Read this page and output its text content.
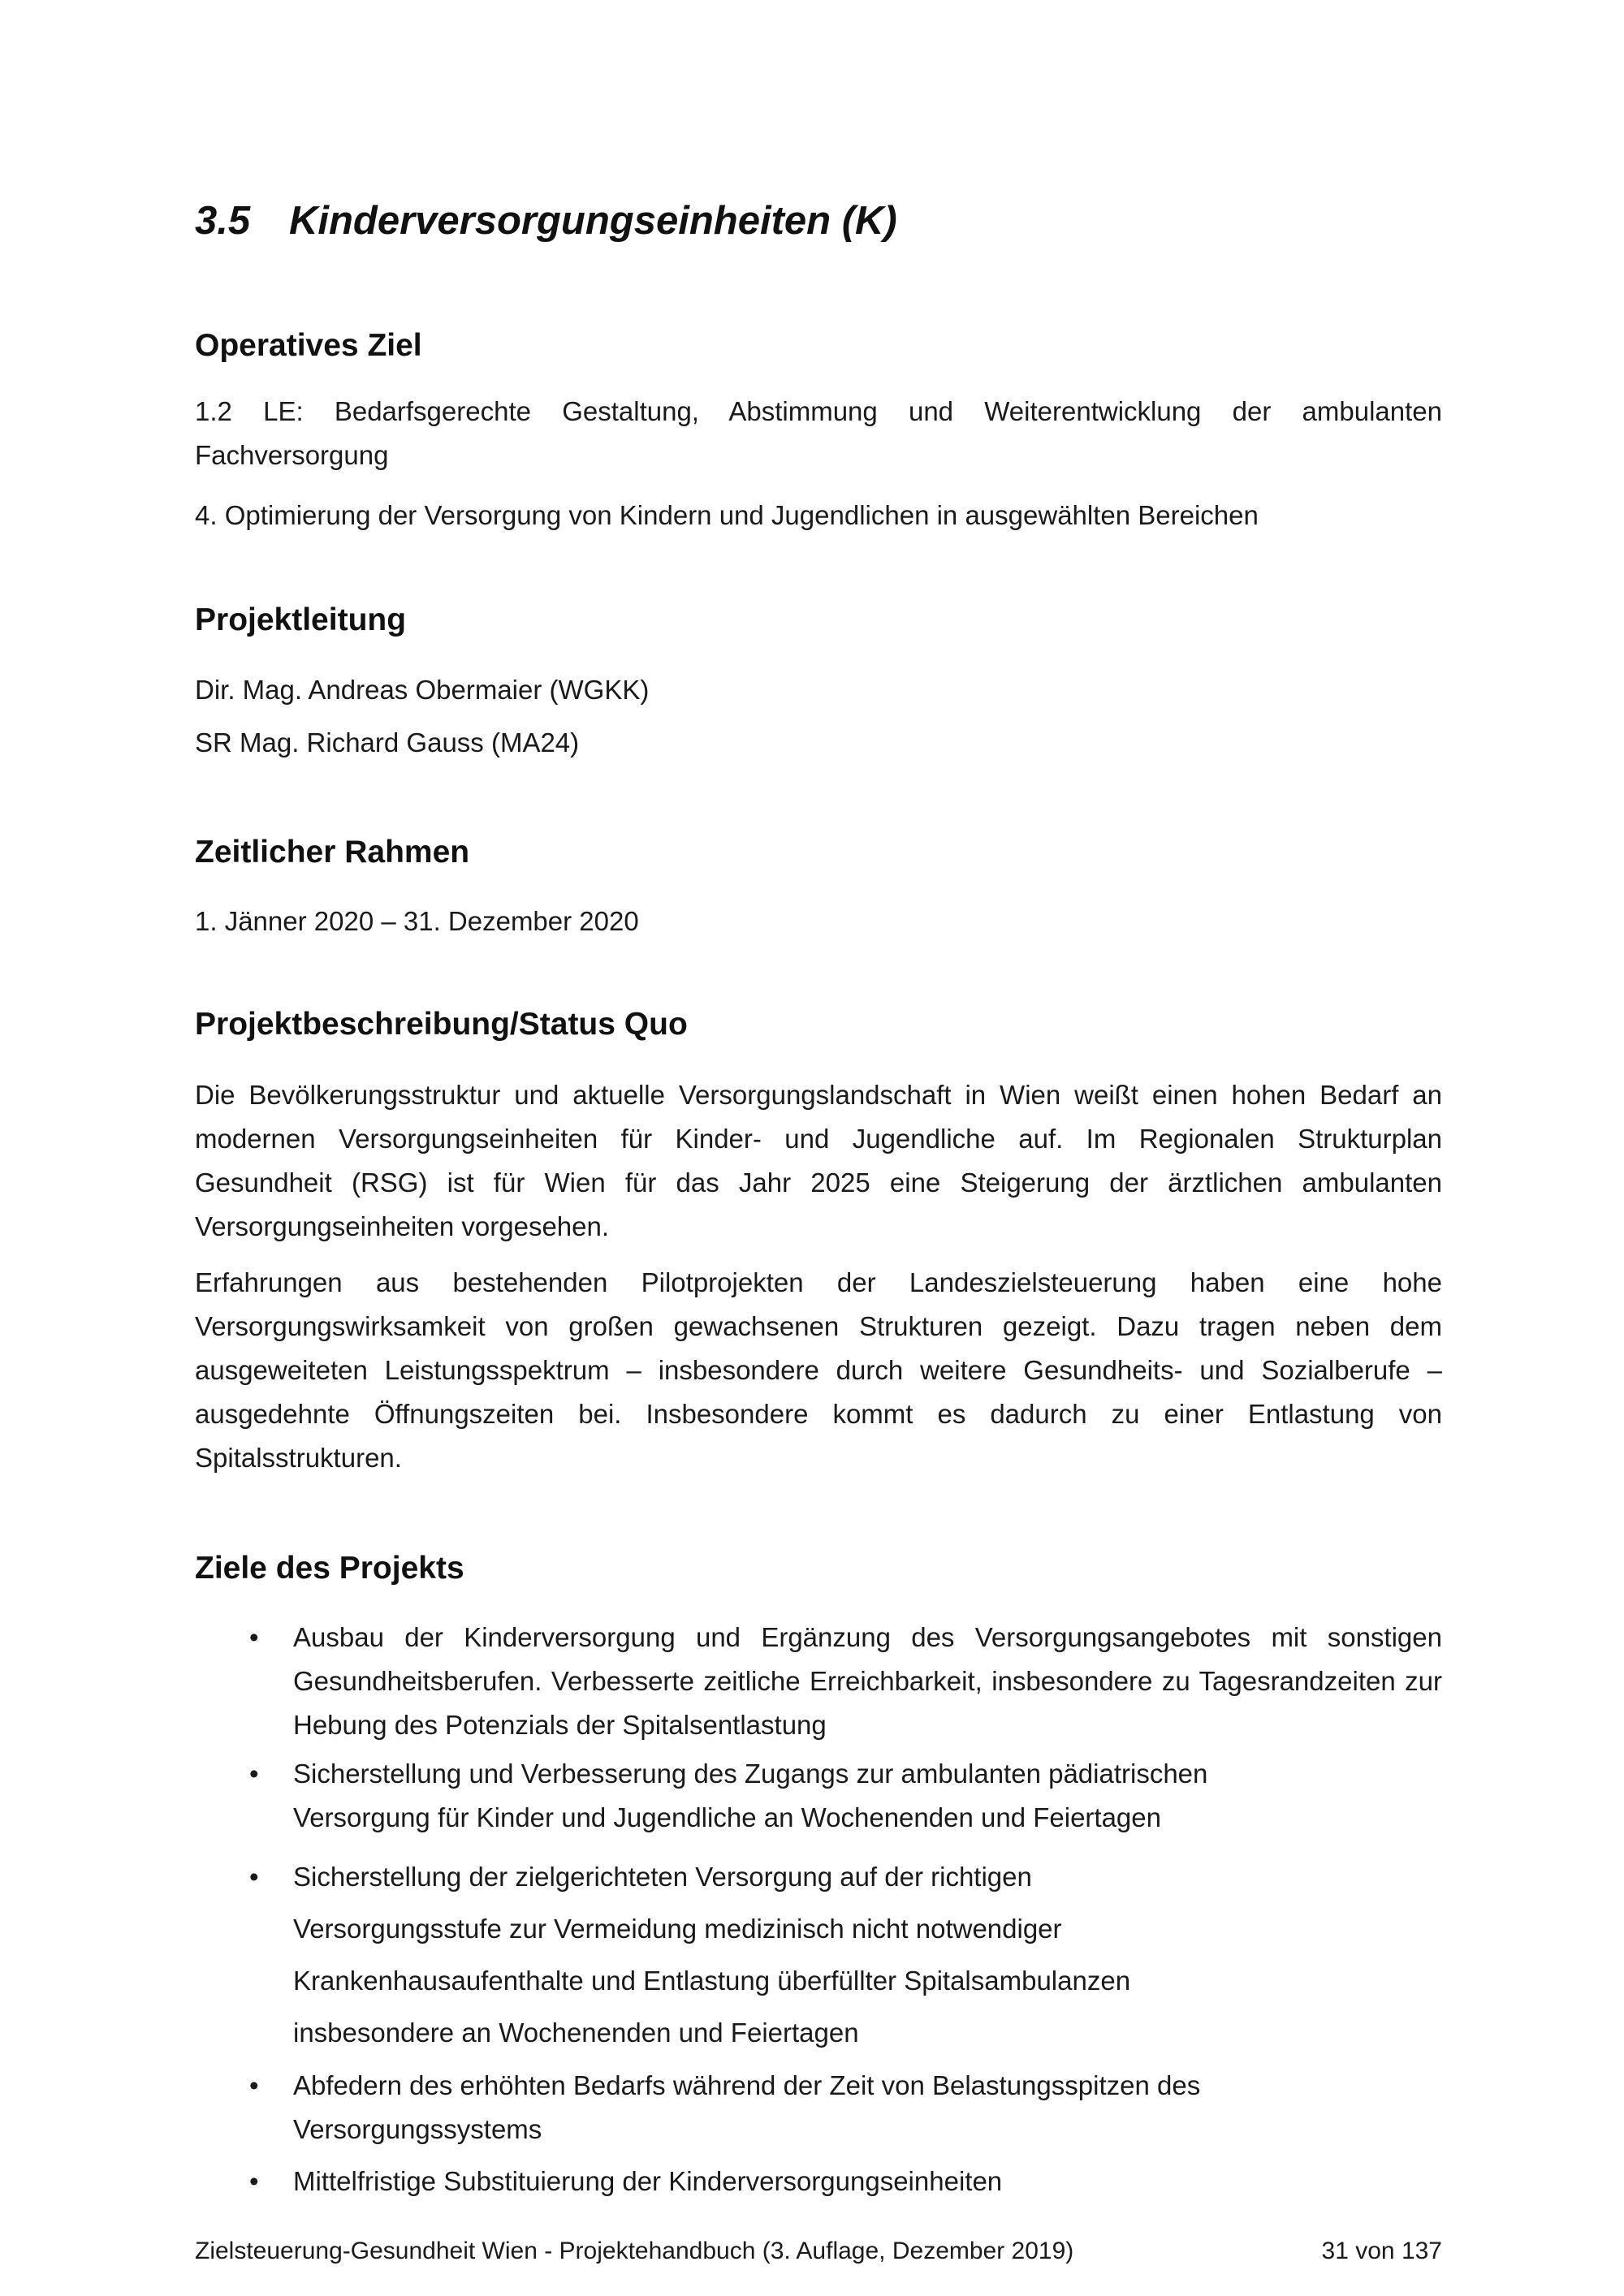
3.5 Kinderversorgungseinheiten (K)
Operatives Ziel

1.2 LE: Bedarfsgerechte Gestaltung, Abstimmung und Weiterentwicklung der ambulanten Fachversorgung

4. Optimierung der Versorgung von Kindern und Jugendlichen in ausgewählten Bereichen

Projektleitung

Dir. Mag. Andreas Obermaier (WGKK)

SR Mag. Richard Gauss (MA24)

Zeitlicher Rahmen

1. Jänner 2020 – 31. Dezember 2020

Projektbeschreibung/Status Quo

Die Bevölkerungsstruktur und aktuelle Versorgungslandschaft in Wien weißt einen hohen Bedarf an modernen Versorgungseinheiten für Kinder- und Jugendliche auf. Im Regionalen Strukturplan Gesundheit (RSG) ist für Wien für das Jahr 2025 eine Steigerung der ärztlichen ambulanten Versorgungseinheiten vorgesehen.

Erfahrungen aus bestehenden Pilotprojekten der Landeszielsteuerung haben eine hohe Versorgungswirksamkeit von großen gewachsenen Strukturen gezeigt. Dazu tragen neben dem ausgeweiteten Leistungsspektrum – insbesondere durch weitere Gesundheits- und Sozialberufe – ausgedehnte Öffnungszeiten bei. Insbesondere kommt es dadurch zu einer Entlastung von Spitalsstrukturen.

Ziele des Projekts
• Ausbau der Kinderversorgung und Ergänzung des Versorgungsangebotes mit sonstigen Gesundheitsberufen. Verbesserte zeitliche Erreichbarkeit, insbesondere zu Tagesrandzeiten zur Hebung des Potenzials der Spitalsentlastung
• Sicherstellung und Verbesserung des Zugangs zur ambulanten pädiatrischen Versorgung für Kinder und Jugendliche an Wochenenden und Feiertagen
• Sicherstellung der zielgerichteten Versorgung auf der richtigen Versorgungsstufe zur Vermeidung medizinisch nicht notwendiger Krankenhausaufenthalte und Entlastung überfüllter Spitalsambulanzen insbesondere an Wochenenden und Feiertagen
• Abfedern des erhöhten Bedarfs während der Zeit von Belastungsspitzen des Versorgungssystems
• Mittelfristige Substituierung der Kinderversorgungseinheiten
Zielsteuerung-Gesundheit Wien - Projektehandbuch (3. Auflage, Dezember 2019)	31 von 137
